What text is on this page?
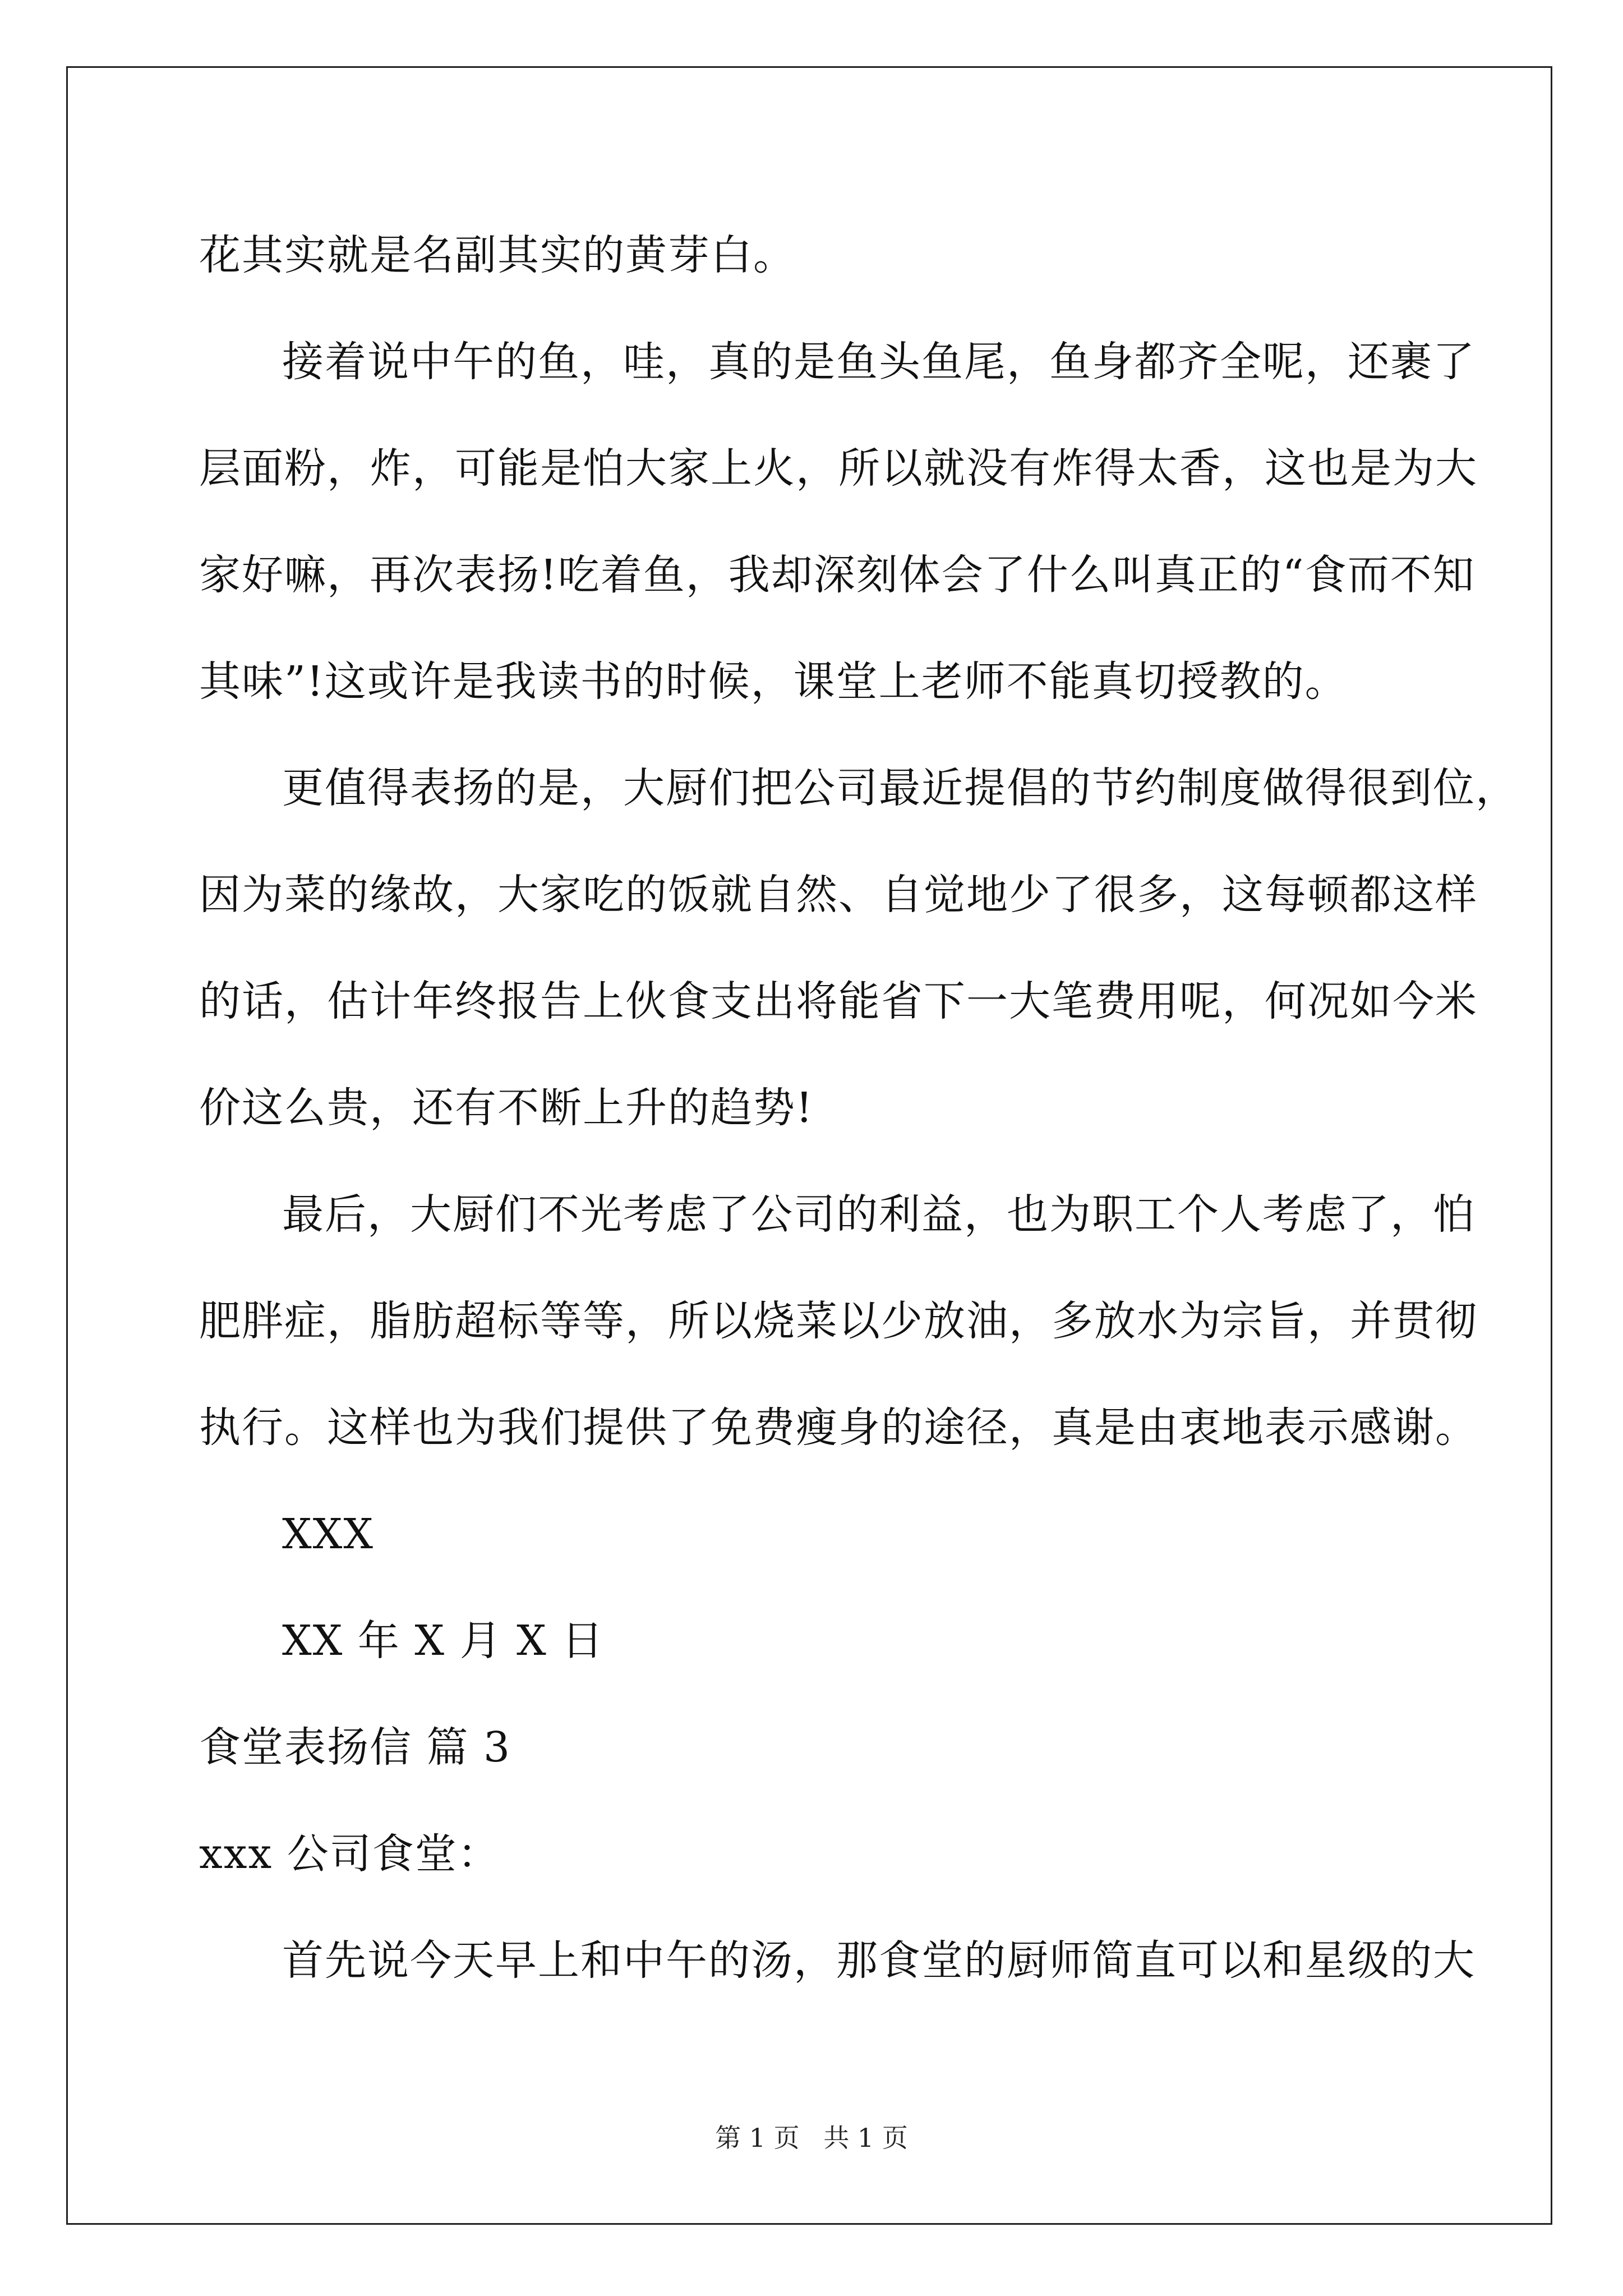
花其实就是名副其实的黄芽白。
接着说中午的鱼，哇，真的是鱼头鱼尾，鱼身都齐全呢，还裹了
层面粉，炸，可能是怕大家上火，所以就没有炸得太香，这也是为大
家好嘛，再次表扬!吃着鱼，我却深刻体会了什么叫真正的“食而不知
其味”!这或许是我读书的时候，课堂上老师不能真切授教的。
更值得表扬的是，大厨们把公司最近提倡的节约制度做得很到位，
因为菜的缘故，大家吃的饭就自然、自觉地少了很多，这每顿都这样
的话，估计年终报告上伙食支出将能省下一大笔费用呢，何况如今米
价这么贵，还有不断上升的趋势!
最后，大厨们不光考虑了公司的利益，也为职工个人考虑了，怕
肥胖症，脂肪超标等等，所以烧菜以少放油，多放水为宗旨，并贯彻
执行。这样也为我们提供了免费瘦身的途径，真是由衷地表示感谢。
XXX
XX 年 X 月 X 日
食堂表扬信 篇 3
xxx 公司食堂：
首先说今天早上和中午的汤，那食堂的厨师简直可以和星级的大
第 1 页 共 1 页
